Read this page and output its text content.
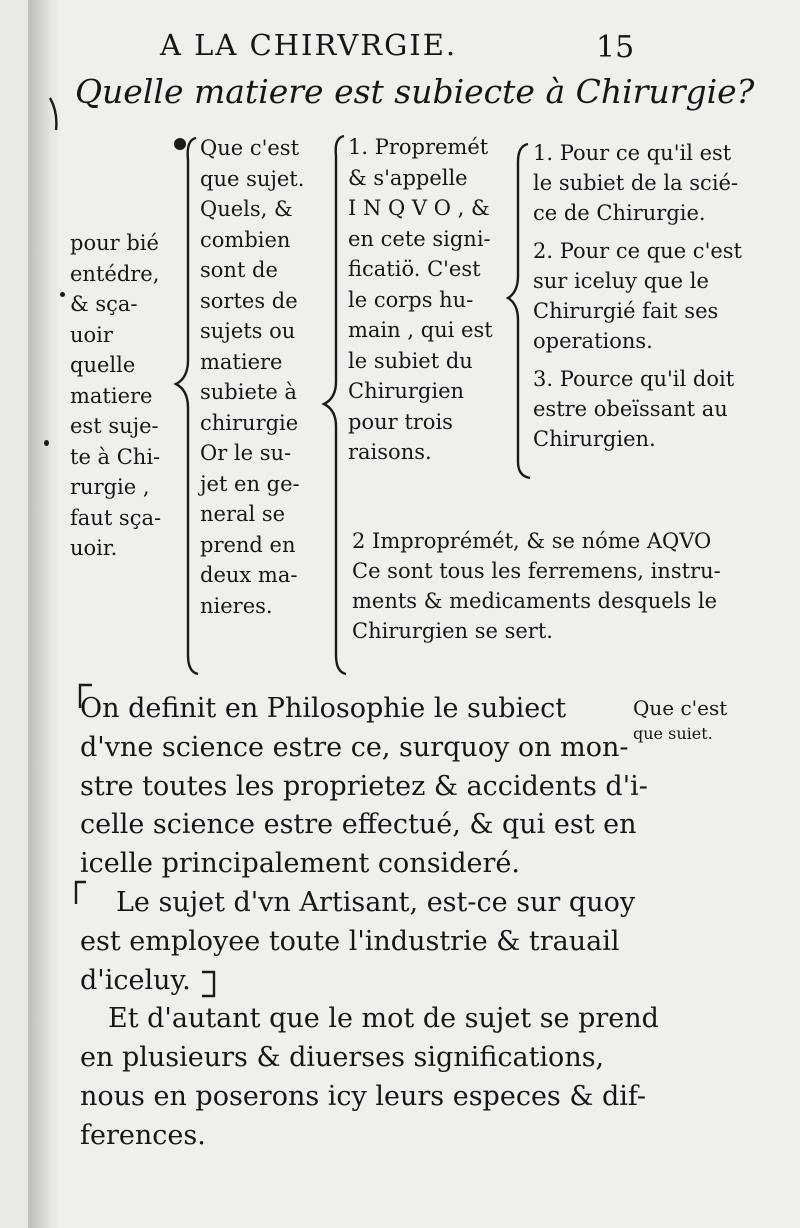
A LA CHIRVRGIE.	15
Quelle matiere est subiecte à Chirurgie?
pour bié
entédre,
& sça-
uoir
quelle
matiere
est suje-
te à Chi-
rurgie ,
faut sça-
uoir.
Que c'est
que sujet.
Quels, &
combien
sont de
sortes de
sujets ou
matiere
subiete à
chirurgie
Or le su-
jet en ge-
neral se
prend en
deux ma-
nieres.
1. Propremét
& s'appelle
I N Q V O , &
en cete signi-
ficatiö. C'est
le corps hu-
main , qui est
le subiet du
Chirurgien
pour trois
raisons.
1. Pour ce qu'il est
le subiet de la scié-
ce de Chirurgie.
2. Pour ce que c'est
sur iceluy que le
Chirurgié fait ses
operations.
3. Pource qu'il doit
estre obeïssant au
Chirurgien.
2 Improprémét, & se nóme AQVO
Ce sont tous les ferremens, instru-
ments & medicaments desquels le
Chirurgien se sert.

On definit en Philosophie le subiect
d'vne science estre ce, surquoy on mon-
stre toutes les proprietez & accidents d'i-
celle science estre effectué, & qui est en
icelle principalement consideré.

Le sujet d'vn Artisant, est-ce sur quoy

est employee toute l'industrie & trauail
d'iceluy.

Et d'autant que le mot de sujet se prend

en plusieurs & diuerses significations,
nous en poserons icy leurs especes & dif-
ferences.

Que c'est
que suiet.
